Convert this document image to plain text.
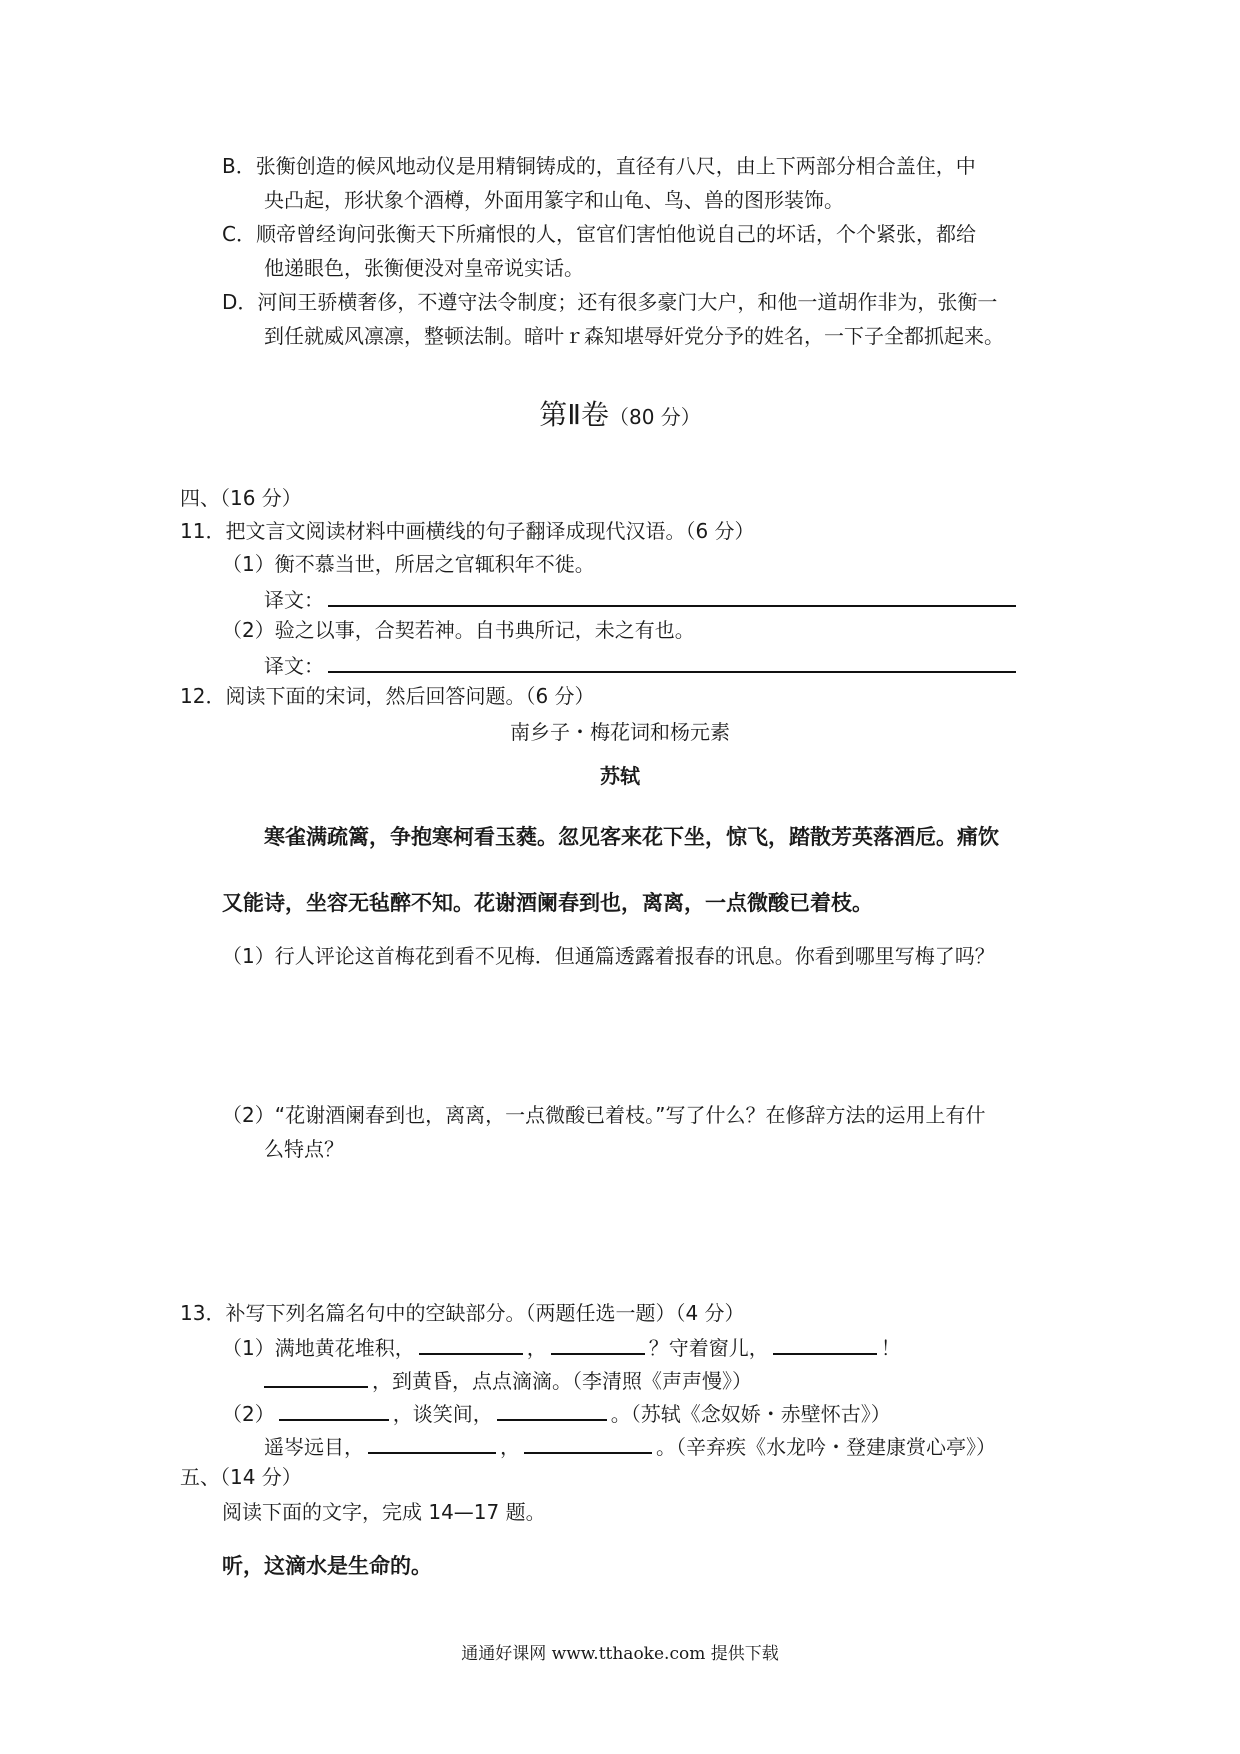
B．张衡创造的候风地动仪是用精铜铸成的，直径有八尺，由上下两部分相合盖住，中
央凸起，形状象个酒樽，外面用篆字和山龟、鸟、兽的图形装饰。
C．顺帝曾经询问张衡天下所痛恨的人，宦官们害怕他说自己的坏话，个个紧张，都给
他递眼色，张衡便没对皇帝说实话。
D．河间王骄横奢侈，不遵守法令制度；还有很多豪门大户，和他一道胡作非为，张衡一
到任就威风凛凛，整顿法制。暗叶ｒ森知堪辱奸党分予的姓名，一下子全都抓起来。
第Ⅱ卷（80 分）
四、（16 分）
11．把文言文阅读材料中画横线的句子翻译成现代汉语。（6 分）
（1）衡不慕当世，所居之官辄积年不徙。
译文：
（2）验之以事，合契若神。自书典所记，未之有也。
译文：
12．阅读下面的宋词，然后回答问题。（6 分）
南乡子・梅花词和杨元素
苏轼
寒雀满疏篱，争抱寒柯看玉蕤。忽见客来花下坐，惊飞，踏散芳英落酒卮。痛饮
又能诗，坐容无毡醉不知。花谢酒阑春到也，离离，一点微酸已着枝。
（1）行人评论这首梅花到看不见梅．但通篇透露着报春的讯息。你看到哪里写梅了吗？
（2）“花谢酒阑春到也，离离，一点微酸已着枝。”写了什么？在修辞方法的运用上有什
么特点？
13．补写下列名篇名句中的空缺部分。（两题任选一题）（4 分）
（1）满地黄花堆积，	，	？守着窗儿，	！
，到黄昏，点点滴滴。（李清照《声声慢》）
（2）	，谈笑间，	。（苏轼《念奴娇・赤壁怀古》）
遥岑远目，	，	。（辛弃疾《水龙吟・登建康赏心亭》）
五、（14 分）
阅读下面的文字，完成 14—17 题。
听，这滴水是生命的。
通通好课网 www.tthaoke.com 提供下载
